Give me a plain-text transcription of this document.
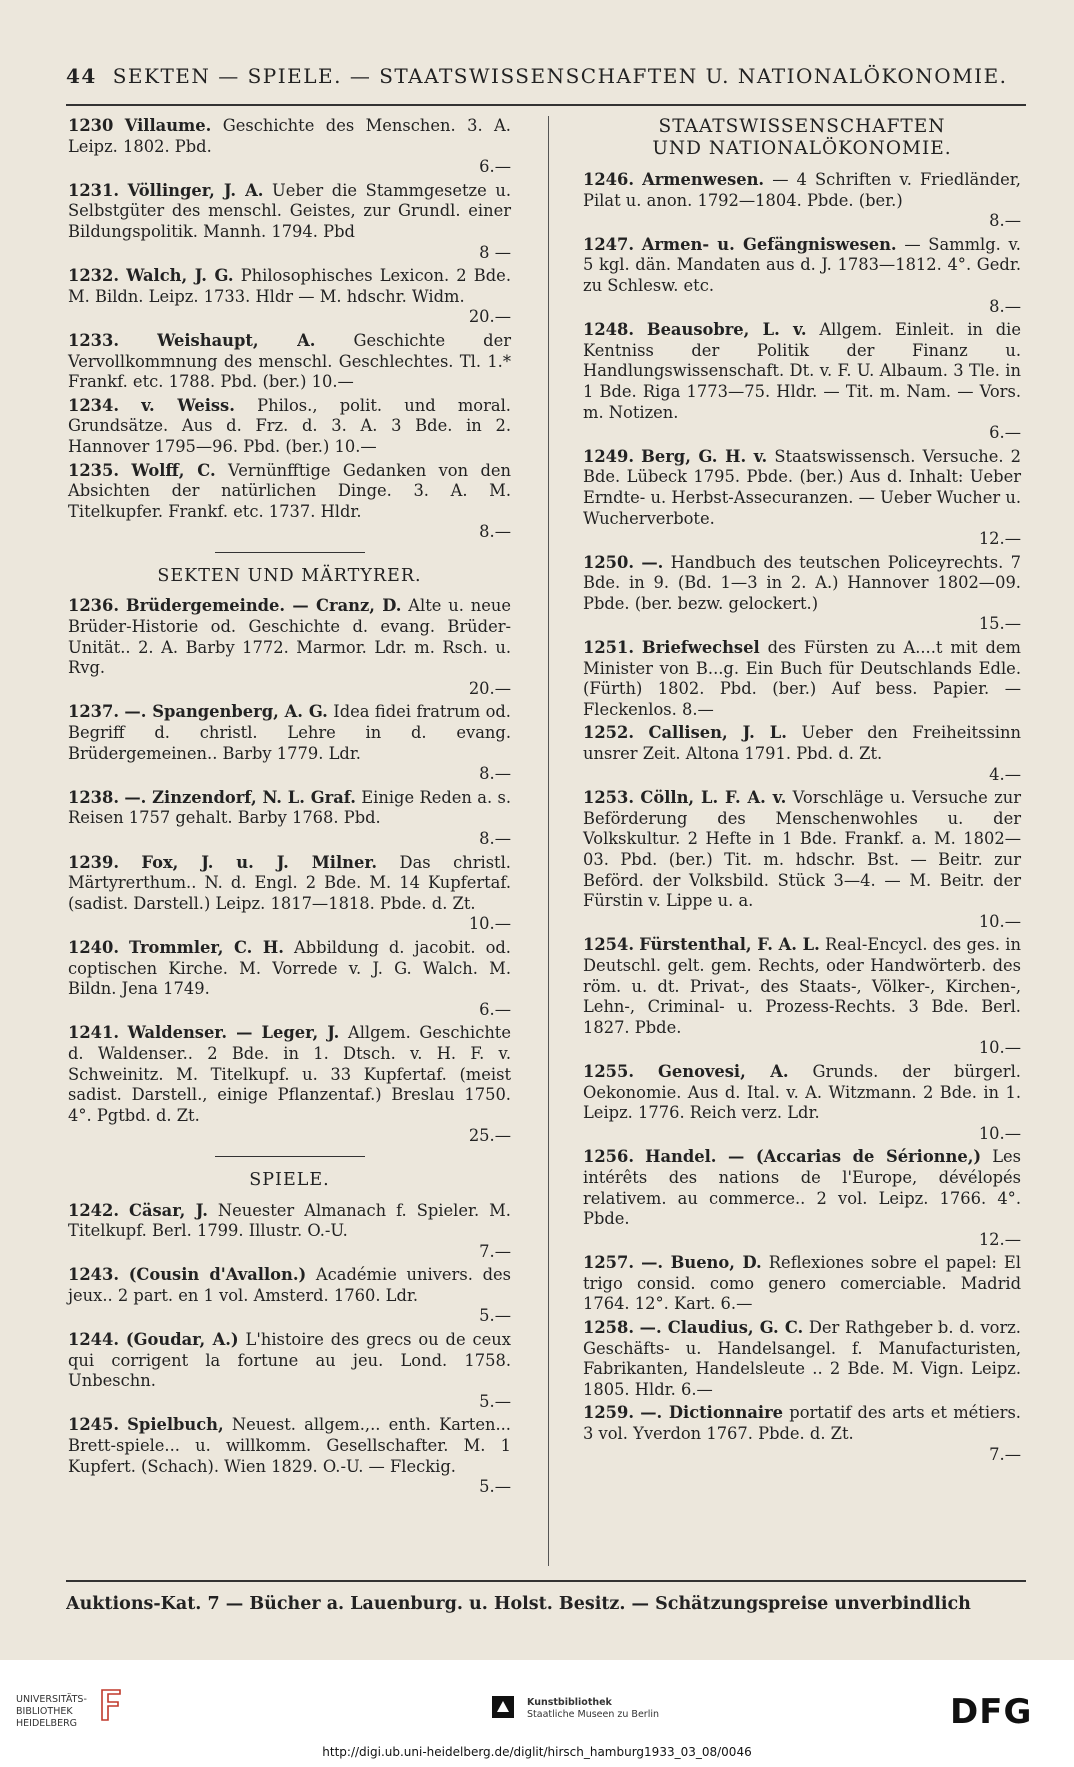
44 SEKTEN — SPIELE. — STAATSWISSENSCHAFTEN U. NATIONALÖKONOMIE.
1230 Villaume. Geschichte des Menschen. 3. A. Leipz. 1802. Pbd.
6.—
1231. Völlinger, J. A. Ueber die Stammgesetze u. Selbstgüter des menschl. Geistes, zur Grundl. einer Bildungspolitik. Mannh. 1794. Pbd
8 —
1232. Walch, J. G. Philosophisches Lexicon. 2 Bde. M. Bildn. Leipz. 1733. Hldr — M. hdschr. Widm.
20.—
1233. Weishaupt, A. Geschichte der Vervollkommnung des menschl. Geschlechtes. Tl. 1.* Frankf. etc. 1788. Pbd. (ber.) 10.—
1234. v. Weiss. Philos., polit. und moral. Grundsätze. Aus d. Frz. d. 3. A. 3 Bde. in 2. Hannover 1795—96. Pbd. (ber.) 10.—
1235. Wolff, C. Vernünfftige Gedanken von den Absichten der natürlichen Dinge. 3. A. M. Titelkupfer. Frankf. etc. 1737. Hldr.
8.—
SEKTEN UND MÄRTYRER.
1236. Brüdergemeinde. — Cranz, D. Alte u. neue Brüder-Historie od. Geschichte d. evang. Brüder-Unität.. 2. A. Barby 1772. Marmor. Ldr. m. Rsch. u. Rvg.
20.—
1237. —. Spangenberg, A. G. Idea fidei fratrum od. Begriff d. christl. Lehre in d. evang. Brüdergemeinen.. Barby 1779. Ldr.
8.—
1238. —. Zinzendorf, N. L. Graf. Einige Reden a. s. Reisen 1757 gehalt. Barby 1768. Pbd.
8.—
1239. Fox, J. u. J. Milner. Das christl. Märtyrerthum.. N. d. Engl. 2 Bde. M. 14 Kupfertaf. (sadist. Darstell.) Leipz. 1817—1818. Pbde. d. Zt.
10.—
1240. Trommler, C. H. Abbildung d. jacobit. od. coptischen Kirche. M. Vorrede v. J. G. Walch. M. Bildn. Jena 1749.
6.—
1241. Waldenser. — Leger, J. Allgem. Geschichte d. Waldenser.. 2 Bde. in 1. Dtsch. v. H. F. v. Schweinitz. M. Titelkupf. u. 33 Kupfertaf. (meist sadist. Darstell., einige Pflanzentaf.) Breslau 1750. 4°. Pgtbd. d. Zt.
25.—
SPIELE.
1242. Cäsar, J. Neuester Almanach f. Spieler. M. Titelkupf. Berl. 1799. Illustr. O.-U.
7.—
1243. (Cousin d'Avallon.) Académie univers. des jeux.. 2 part. en 1 vol. Amsterd. 1760. Ldr.
5.—
1244. (Goudar, A.) L'histoire des grecs ou de ceux qui corrigent la fortune au jeu. Lond. 1758. Unbeschn.
5.—
1245. Spielbuch, Neuest. allgem.,.. enth. Karten... Brett-spiele... u. willkomm. Gesellschafter. M. 1 Kupfert. (Schach). Wien 1829. O.-U. — Fleckig.
5.—
STAATSWISSENSCHAFTEN
UND NATIONALÖKONOMIE.
1246. Armenwesen. — 4 Schriften v. Friedländer, Pilat u. anon. 1792—1804. Pbde. (ber.)
8.—
1247. Armen- u. Gefängniswesen. — Sammlg. v. 5 kgl. dän. Mandaten aus d. J. 1783—1812. 4°. Gedr. zu Schlesw. etc.
8.—
1248. Beausobre, L. v. Allgem. Einleit. in die Kentniss der Politik der Finanz u. Handlungswissenschaft. Dt. v. F. U. Albaum. 3 Tle. in 1 Bde. Riga 1773—75. Hldr. — Tit. m. Nam. — Vors. m. Notizen.
6.—
1249. Berg, G. H. v. Staatswissensch. Versuche. 2 Bde. Lübeck 1795. Pbde. (ber.) Aus d. Inhalt: Ueber Erndte- u. Herbst-Assecuranzen. — Ueber Wucher u. Wucherverbote.
12.—
1250. —. Handbuch des teutschen Policeyrechts. 7 Bde. in 9. (Bd. 1—3 in 2. A.) Hannover 1802—09. Pbde. (ber. bezw. gelockert.)
15.—
1251. Briefwechsel des Fürsten zu A....t mit dem Minister von B...g. Ein Buch für Deutschlands Edle. (Fürth) 1802. Pbd. (ber.) Auf bess. Papier. — Fleckenlos. 8.—
1252. Callisen, J. L. Ueber den Freiheitssinn unsrer Zeit. Altona 1791. Pbd. d. Zt.
4.—
1253. Cölln, L. F. A. v. Vorschläge u. Versuche zur Beförderung des Menschenwohles u. der Volkskultur. 2 Hefte in 1 Bde. Frankf. a. M. 1802—03. Pbd. (ber.) Tit. m. hdschr. Bst. — Beitr. zur Beförd. der Volksbild. Stück 3—4. — M. Beitr. der Fürstin v. Lippe u. a.
10.—
1254. Fürstenthal, F. A. L. Real-Encycl. des ges. in Deutschl. gelt. gem. Rechts, oder Handwörterb. des röm. u. dt. Privat-, des Staats-, Völker-, Kirchen-, Lehn-, Criminal- u. Prozess-Rechts. 3 Bde. Berl. 1827. Pbde.
10.—
1255. Genovesi, A. Grunds. der bürgerl. Oekonomie. Aus d. Ital. v. A. Witzmann. 2 Bde. in 1. Leipz. 1776. Reich verz. Ldr.
10.—
1256. Handel. — (Accarias de Sérionne,) Les intérêts des nations de l'Europe, dévélopés relativem. au commerce.. 2 vol. Leipz. 1766. 4°. Pbde.
12.—
1257. —. Bueno, D. Reflexiones sobre el papel: El trigo consid. como genero comerciable. Madrid 1764. 12°. Kart. 6.—
1258. —. Claudius, G. C. Der Rathgeber b. d. vorz. Geschäfts- u. Handelsangel. f. Manufacturisten, Fabrikanten, Handelsleute .. 2 Bde. M. Vign. Leipz. 1805. Hldr. 6.—
1259. —. Dictionnaire portatif des arts et métiers. 3 vol. Yverdon 1767. Pbde. d. Zt.
7.—
Auktions-Kat. 7 — Bücher a. Lauenburg. u. Holst. Besitz. — Schätzungspreise unverbindlich
UNIVERSITÄTS-
BIBLIOTHEK
HEIDELBERG
Kunstbibliothek
Staatliche Museen zu Berlin	DFG
http://digi.ub.uni-heidelberg.de/diglit/hirsch_hamburg1933_03_08/0046
